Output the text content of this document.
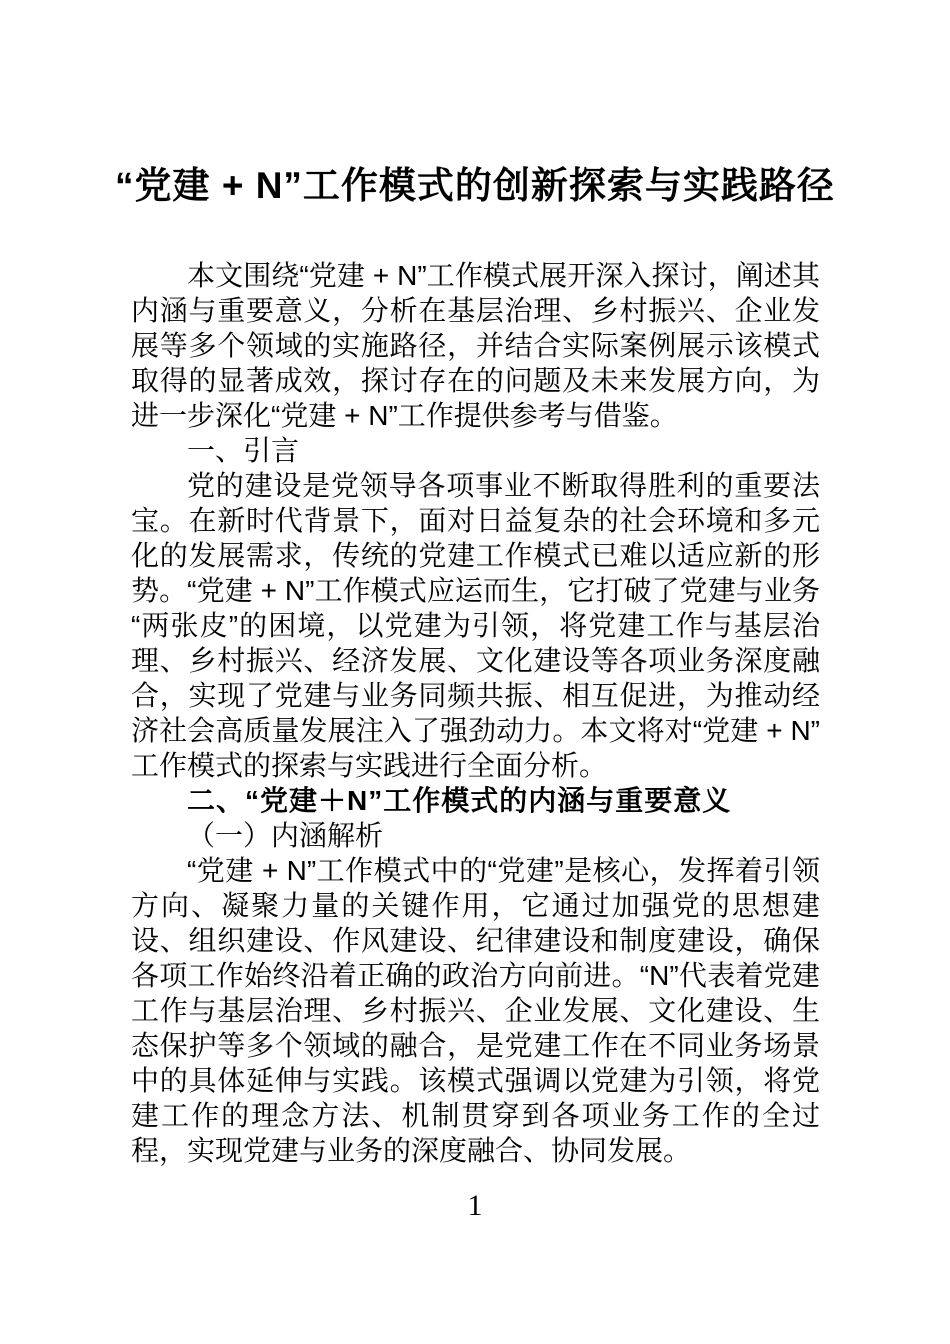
“党建 + N”工作模式的创新探索与实践路径

本文围绕“党建 + N”工作模式展开深入探讨，阐述其内涵与重要意义，分析在基层治理、乡村振兴、企业发展等多个领域的实施路径，并结合实际案例展示该模式取得的显著成效，探讨存在的问题及未来发展方向，为进一步深化“党建 + N”工作提供参考与借鉴。

一、引言

党的建设是党领导各项事业不断取得胜利的重要法宝。在新时代背景下，面对日益复杂的社会环境和多元化的发展需求，传统的党建工作模式已难以适应新的形势。“党建 + N”工作模式应运而生，它打破了党建与业务“两张皮”的困境，以党建为引领，将党建工作与基层治理、乡村振兴、经济发展、文化建设等各项业务深度融合，实现了党建与业务同频共振、相互促进，为推动经济社会高质量发展注入了强劲动力。本文将对“党建 + N”工作模式的探索与实践进行全面分析。

二、“党建＋N”工作模式的内涵与重要意义
（一）内涵解析

“党建 + N”工作模式中的“党建”是核心，发挥着引领方向、凝聚力量的关键作用，它通过加强党的思想建设、组织建设、作风建设、纪律建设和制度建设，确保各项工作始终沿着正确的政治方向前进。“N”代表着党建工作与基层治理、乡村振兴、企业发展、文化建设、生态保护等多个领域的融合，是党建工作在不同业务场景中的具体延伸与实践。该模式强调以党建为引领，将党建工作的理念方法、机制贯穿到各项业务工作的全过程，实现党建与业务的深度融合、协同发展。

1
